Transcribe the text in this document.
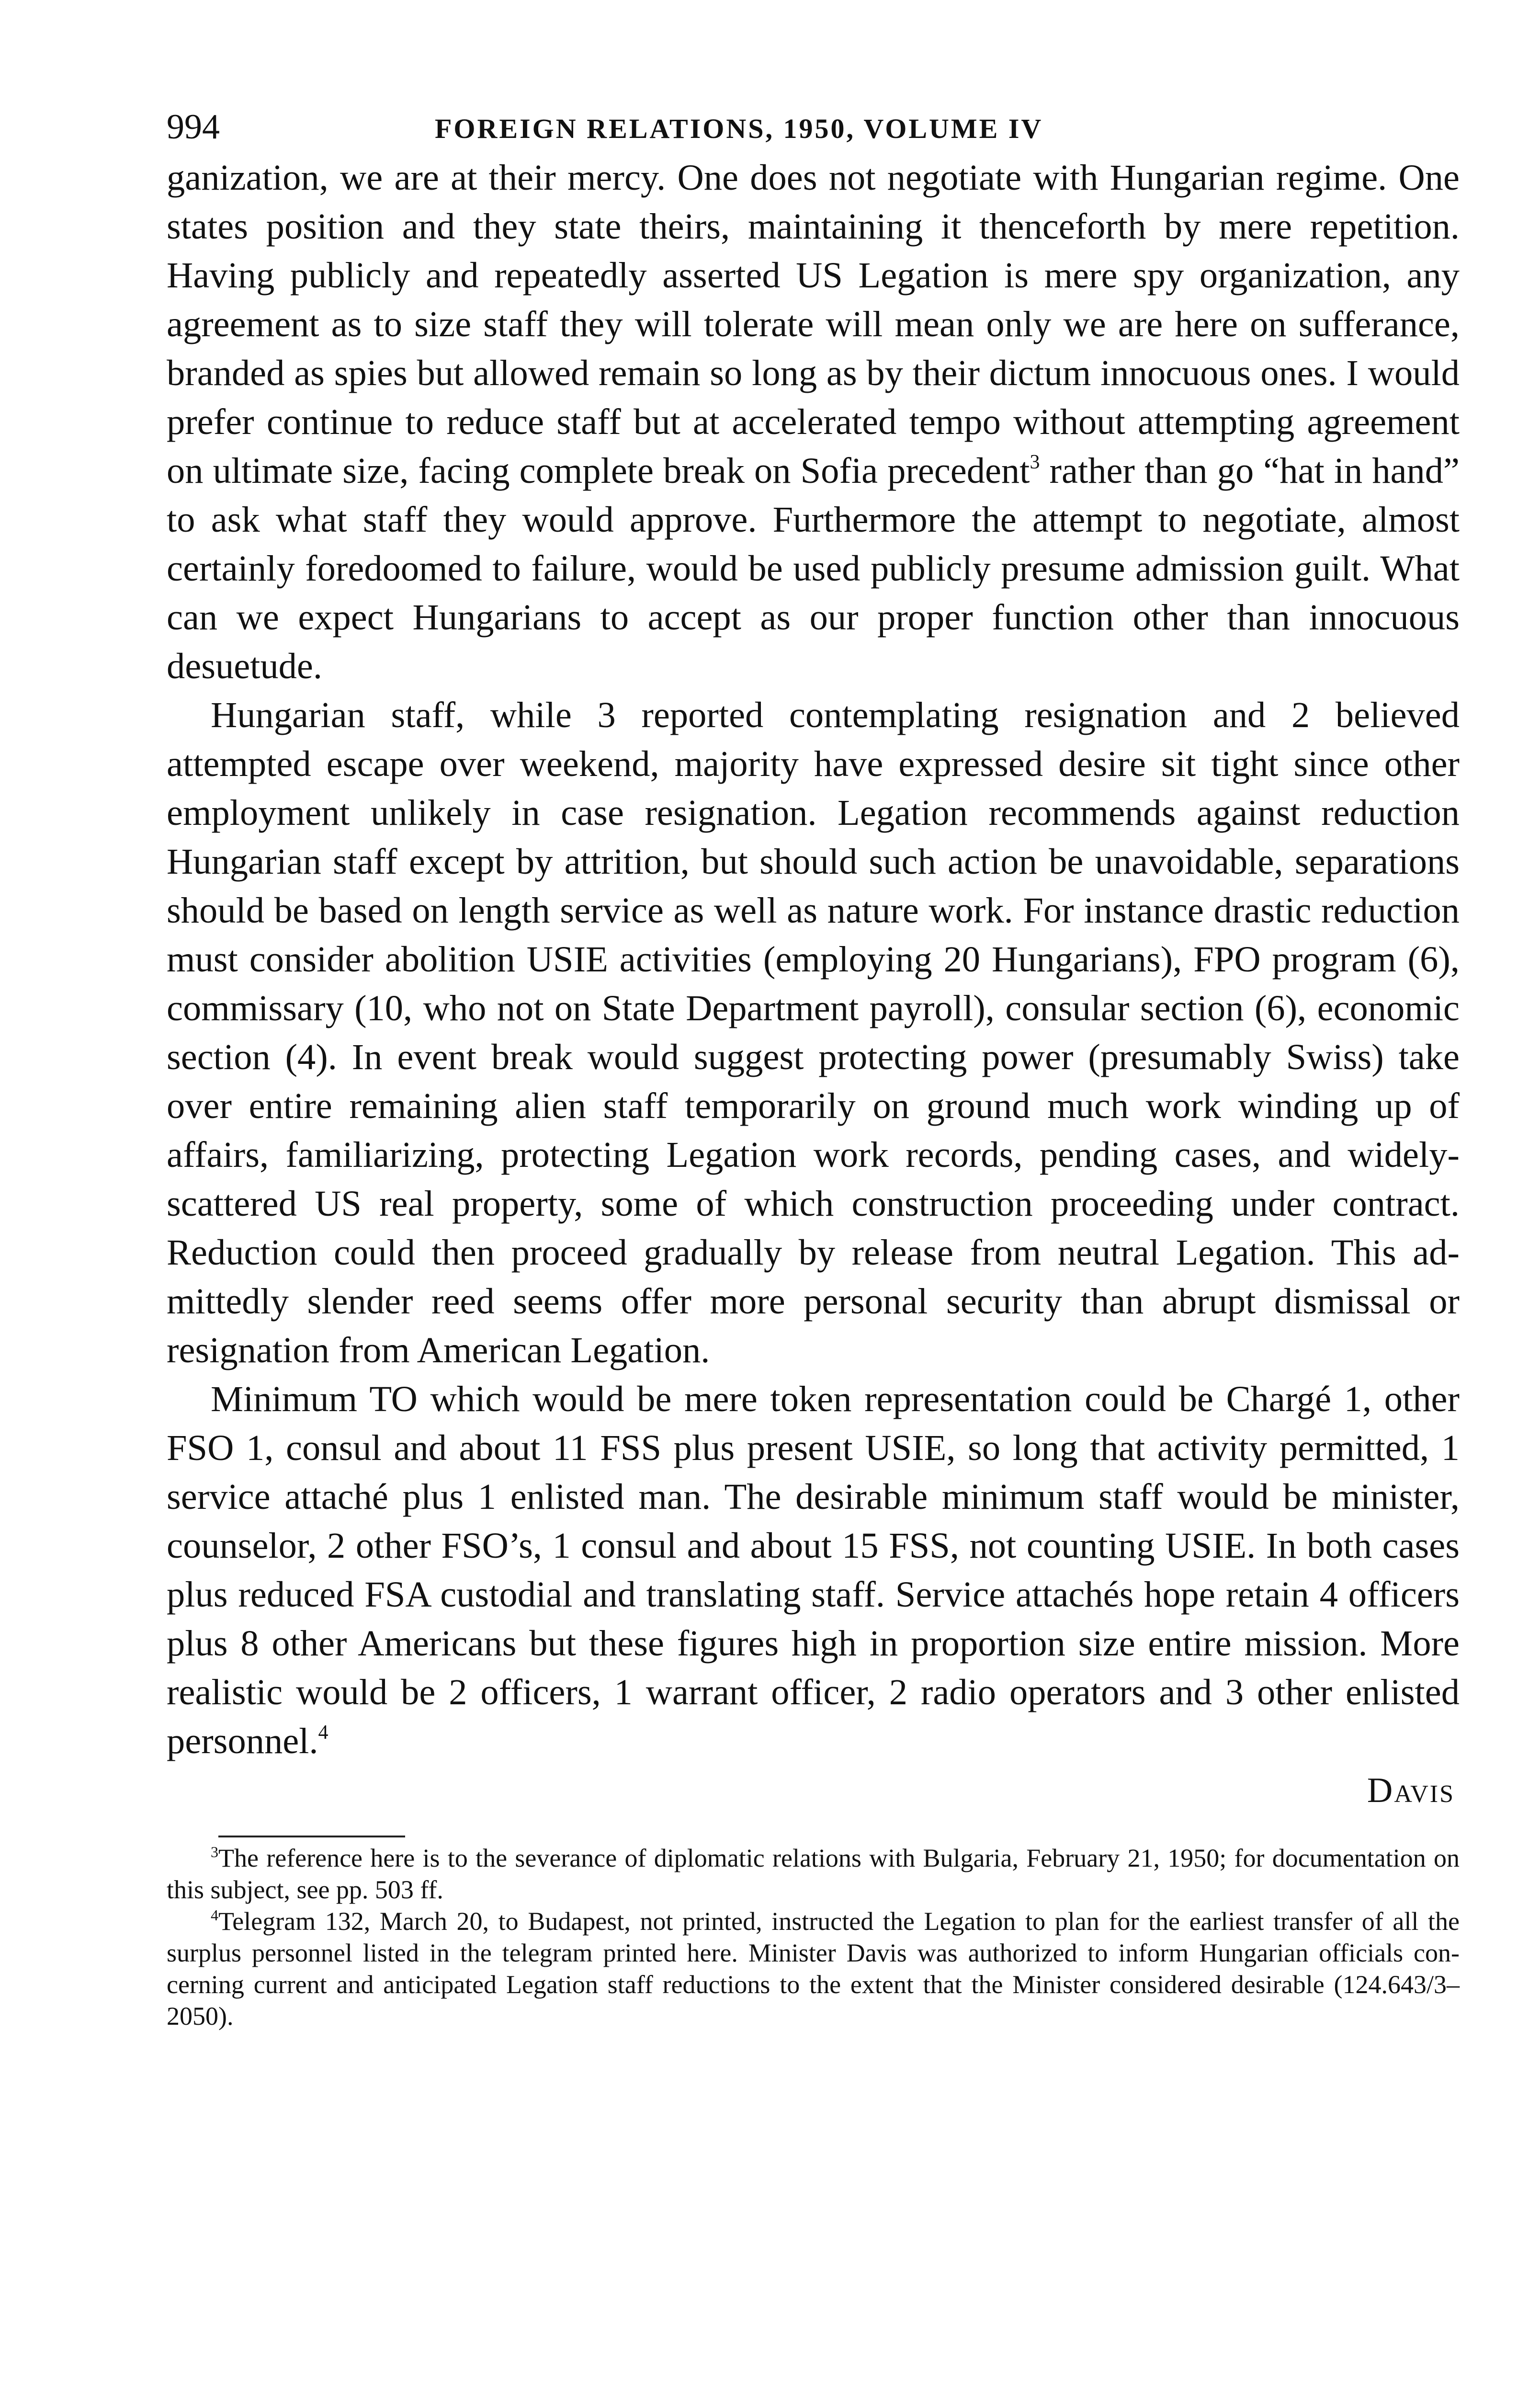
994	FOREIGN RELATIONS, 1950, VOLUME IV

ganization, we are at their mercy. One does not negotiate with Hungarian regime. One states position and they state theirs, maintaining it thenceforth by mere repetition. Having publicly and repeatedly asserted US Legation is mere spy organization, any agreement as to size staff they will tolerate will mean only we are here on sufferance, branded as spies but allowed remain so long as by their dictum innocuous ones. I would prefer continue to reduce staff but at accelerated tempo without attempting agreement on ultimate size, facing complete break on Sofia precedent$^3$ rather than go “hat in hand” to ask what staff they would approve. Furthermore the attempt to negotiate, almost certainly foredoomed to failure, would be used publicly presume admission guilt. What can we expect Hungarians to accept as our proper function other than innocuous desuetude.

Hungarian staff, while 3 reported contemplating resignation and 2 believed attempted escape over weekend, majority have expressed desire sit tight since other employment unlikely in case resignation. Legation recommends against reduction Hungarian staff except by attrition, but should such action be unavoidable, separations should be based on length service as well as nature work. For instance drastic reduction must consider abolition USIE activities (employing 20 Hungarians), FPO program (6), commissary (10, who not on State Department payroll), consular section (6), economic section (4). In event break would suggest protecting power (presumably Swiss) take over entire remaining alien staff temporarily on ground much work winding up of affairs, familiarizing, protecting Legation work records, pending cases, and widely-scattered US real property, some of which construction proceeding under contract. Reduction could then proceed gradually by release from neutral Legation. This admittedly slender reed seems offer more personal security than abrupt dismissal or resignation from American Legation.

Minimum TO which would be mere token representation could be Chargé 1, other FSO 1, consul and about 11 FSS plus present USIE, so long that activity permitted, 1 service attaché plus 1 enlisted man. The desirable minimum staff would be minister, counselor, 2 other FSO’s, 1 consul and about 15 FSS, not counting USIE. In both cases plus reduced FSA custodial and translating staff. Service attachés hope retain 4 officers plus 8 other Americans but these figures high in proportion size entire mission. More realistic would be 2 officers, 1 warrant officer, 2 radio operators and 3 other enlisted personnel.$^4$

Davis

$^3$The reference here is to the severance of diplomatic relations with Bulgaria, February 21, 1950; for documentation on this subject, see pp. 503 ff.

$^4$Telegram 132, March 20, to Budapest, not printed, instructed the Legation to plan for the earliest transfer of all the surplus personnel listed in the telegram printed here. Minister Davis was authorized to inform Hungarian officials concerning current and anticipated Legation staff reductions to the extent that the Minister considered desirable (124.643/3–2050).
